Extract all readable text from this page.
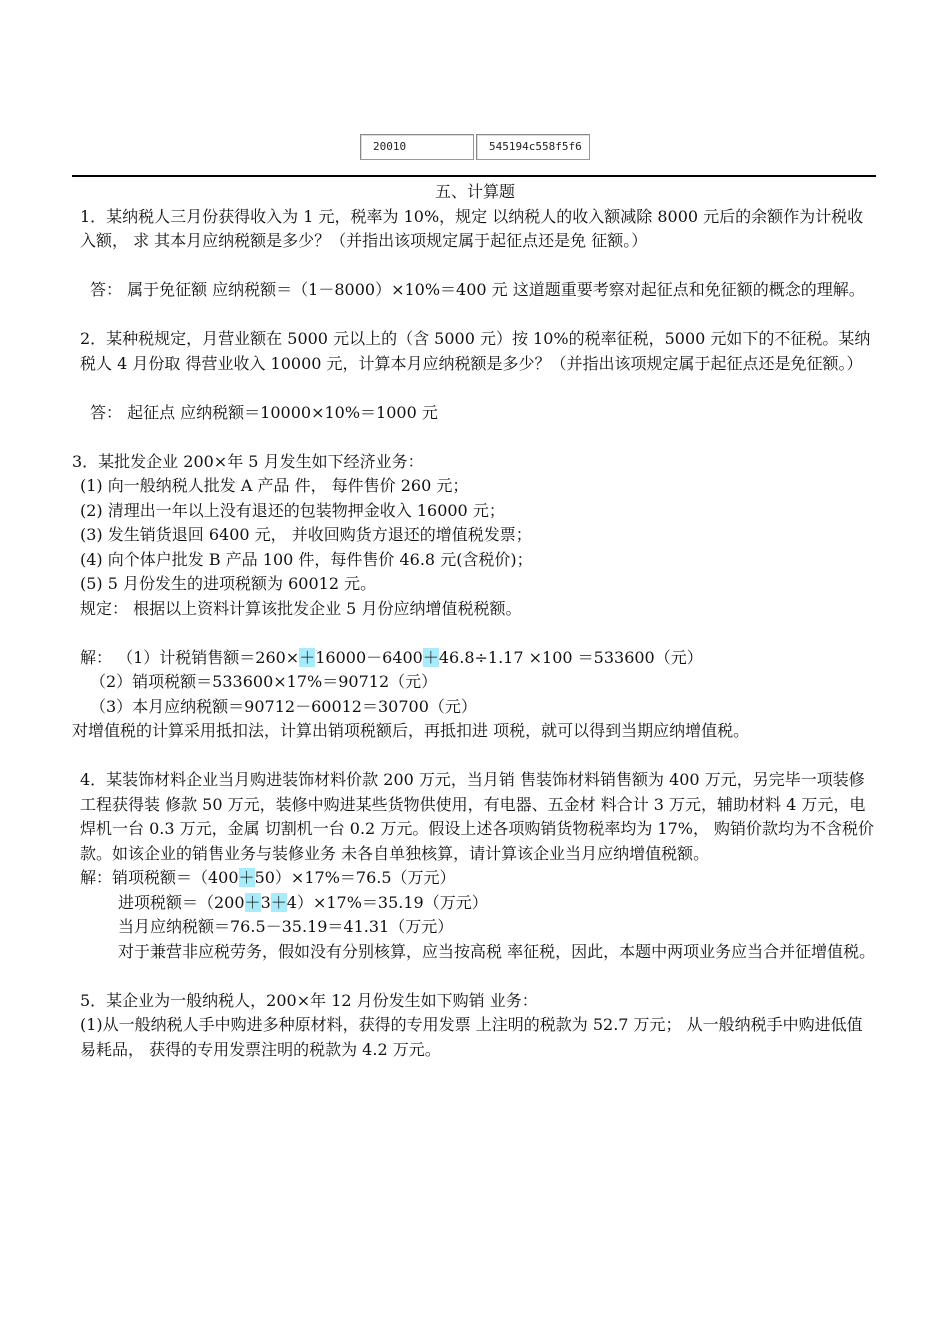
20010	545194c558f5f6

五、计算题

1．某纳税人三月份获得收入为 1 元，税率为 10%，规定 以纳税人的收入额减除 8000 元后的余额作为计税收入额， 求 其本月应纳税额是多少？（并指出该项规定属于起征点还是免 征额。）

答： 属于免征额 应纳税额＝（1－8000）×10%＝400 元 这道题重要考察对起征点和免征额的概念的理解。

2．某种税规定，月营业额在 5000 元以上的（含 5000 元）按 10%的税率征税，5000 元如下的不征税。某纳税人 4 月份取 得营业收入 10000 元，计算本月应纳税额是多少？（并指出该项规定属于起征点还是免征额。）

答： 起征点 应纳税额＝10000×10%＝1000 元

3．某批发企业 200×年 5 月发生如下经济业务：

(1) 向一般纳税人批发 A 产品 件， 每件售价 260 元；

(2) 清理出一年以上没有退还的包装物押金收入 16000 元；

(3) 发生销货退回 6400 元， 并收回购货方退还的增值税发票；

(4) 向个体户批发 B 产品 100 件，每件售价 46.8 元(含税价)；

(5) 5 月份发生的进项税额为 60012 元。

规定： 根据以上资料计算该批发企业 5 月份应纳增值税税额。

解： （1）计税销售额＝260×＋16000－6400＋46.8÷1.17 ×100 ＝533600（元）

（2）销项税额＝533600×17%＝90712（元）

（3）本月应纳税额＝90712－60012＝30700（元）

对增值税的计算采用抵扣法，计算出销项税额后，再抵扣进 项税，就可以得到当期应纳增值税。

4．某装饰材料企业当月购进装饰材料价款 200 万元，当月销 售装饰材料销售额为 400 万元，另完毕一项装修工程获得装 修款 50 万元，装修中购进某些货物供使用，有电器、五金材 料合计 3 万元，辅助材料 4 万元，电焊机一台 0.3 万元，金属 切割机一台 0.2 万元。假设上述各项购销货物税率均为 17%， 购销价款均为不含税价款。如该企业的销售业务与装修业务 未各自单独核算，请计算该企业当月应纳增值税额。

解：销项税额＝（400＋50）×17%＝76.5（万元）

进项税额＝（200＋3＋4）×17%＝35.19（万元）

当月应纳税额＝76.5－35.19＝41.31（万元）

对于兼营非应税劳务，假如没有分别核算，应当按高税 率征税，因此，本题中两项业务应当合并征增值税。

5．某企业为一般纳税人，200×年 12 月份发生如下购销 业务：

(1)从一般纳税人手中购进多种原材料，获得的专用发票 上注明的税款为 52.7 万元； 从一般纳税手中购进低值易耗品， 获得的专用发票注明的税款为 4.2 万元。
